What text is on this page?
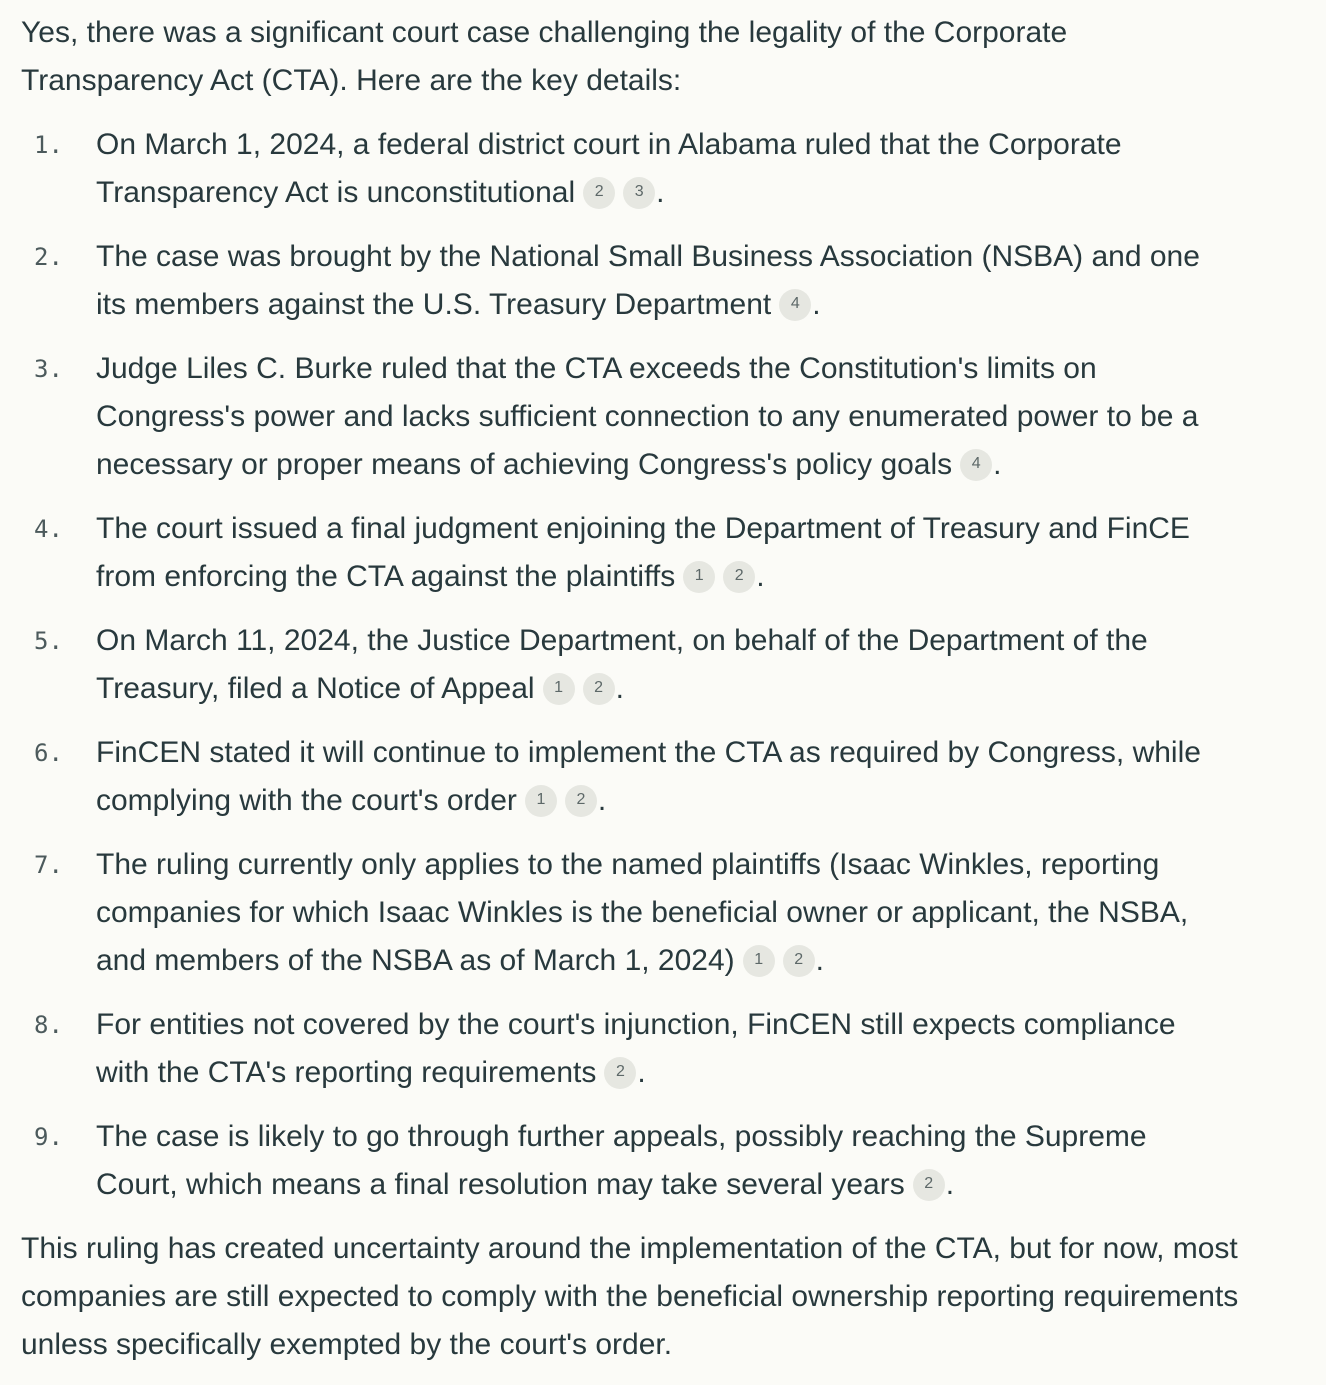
Yes, there was a significant court case challenging the legality of the Corporate Transparency Act (CTA). Here are the key details:

1. On March 1, 2024, a federal district court in Alabama ruled that the Corporate
Transparency Act is unconstitutional 2 3 .
2. The case was brought by the National Small Business Association (NSBA) and one
its members against the U.S. Treasury Department 4 .
3. Judge Liles C. Burke ruled that the CTA exceeds the Constitution's limits on
Congress's power and lacks sufficient connection to any enumerated power to be a
necessary or proper means of achieving Congress's policy goals 4 .
4. The court issued a final judgment enjoining the Department of Treasury and FinCE
from enforcing the CTA against the plaintiffs 1 2 .
5. On March 11, 2024, the Justice Department, on behalf of the Department of the
Treasury, filed a Notice of Appeal 1 2 .
6. FinCEN stated it will continue to implement the CTA as required by Congress, while
complying with the court's order 1 2 .
7. The ruling currently only applies to the named plaintiffs (Isaac Winkles, reporting
companies for which Isaac Winkles is the beneficial owner or applicant, the NSBA,
and members of the NSBA as of March 1, 2024) 1 2 .
8. For entities not covered by the court's injunction, FinCEN still expects compliance
with the CTA's reporting requirements 2 .
9. The case is likely to go through further appeals, possibly reaching the Supreme
Court, which means a final resolution may take several years 2 .

This ruling has created uncertainty around the implementation of the CTA, but for now, most companies are still expected to comply with the beneficial ownership reporting requirements unless specifically exempted by the court's order.
